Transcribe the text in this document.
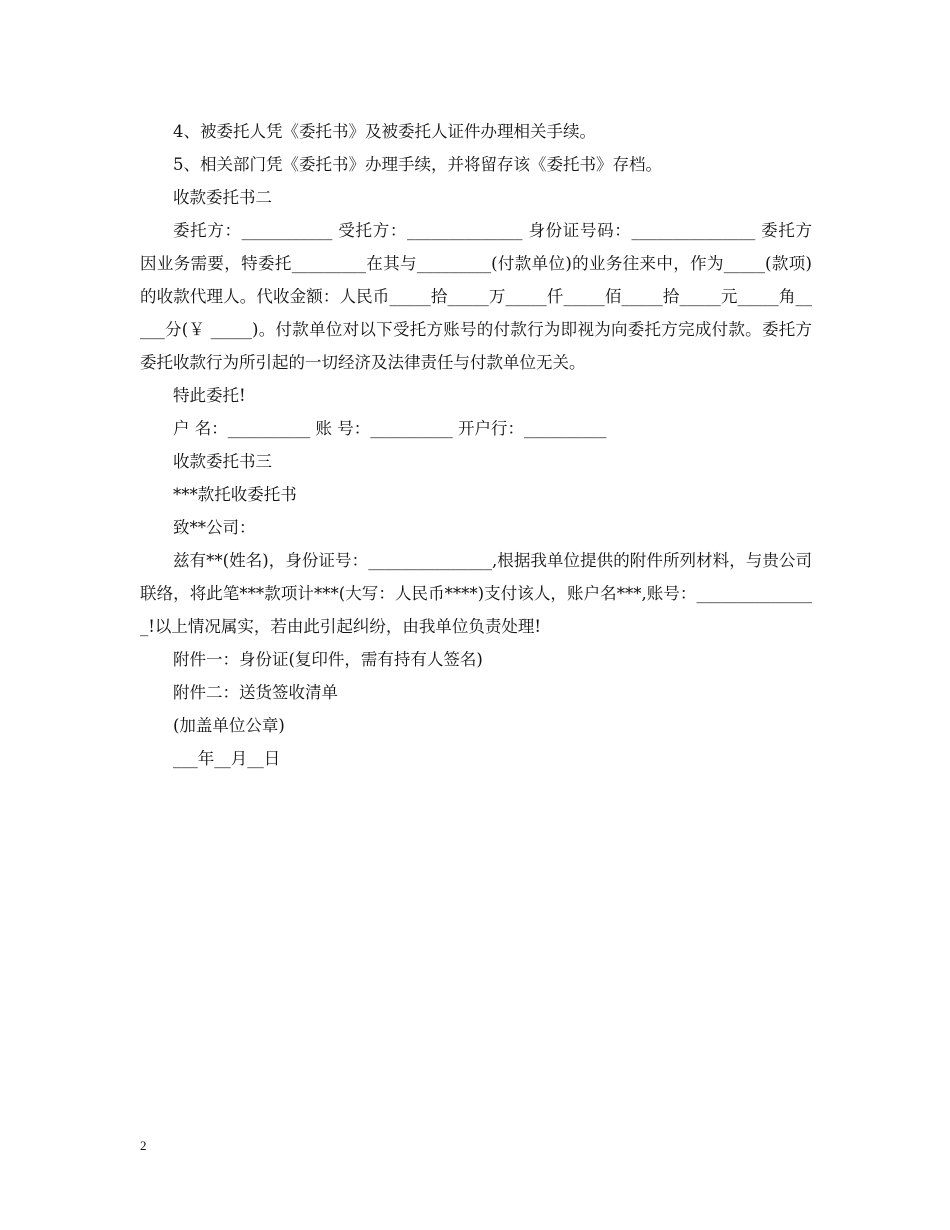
4、被委托人凭《委托书》及被委托人证件办理相关手续。

5、相关部门凭《委托书》办理手续，并将留存该《委托书》存档。

收款委托书二

委托方：___________ 受托方：______________ 身份证号码：_______________ 委托方因业务需要，特委托_________在其与_________(付款单位)的业务往来中，作为_____(款项)的收款代理人。代收金额：人民币_____拾_____万_____仟_____佰_____拾_____元_____角_____分(￥ _____)。付款单位对以下受托方账号的付款行为即视为向委托方完成付款。委托方委托收款行为所引起的一切经济及法律责任与付款单位无关。

特此委托!

户 名：__________ 账 号：__________ 开户行：__________

收款委托书三

***款托收委托书

致**公司：

兹有**(姓名)，身份证号：_______________,根据我单位提供的附件所列材料，与贵公司联络，将此笔***款项计***(大写：人民币****)支付该人，账户名***,账号：_______________!以上情况属实，若由此引起纠纷，由我单位负责处理!

附件一：身份证(复印件，需有持有人签名)

附件二：送货签收清单

(加盖单位公章)

___年__月__日

2
